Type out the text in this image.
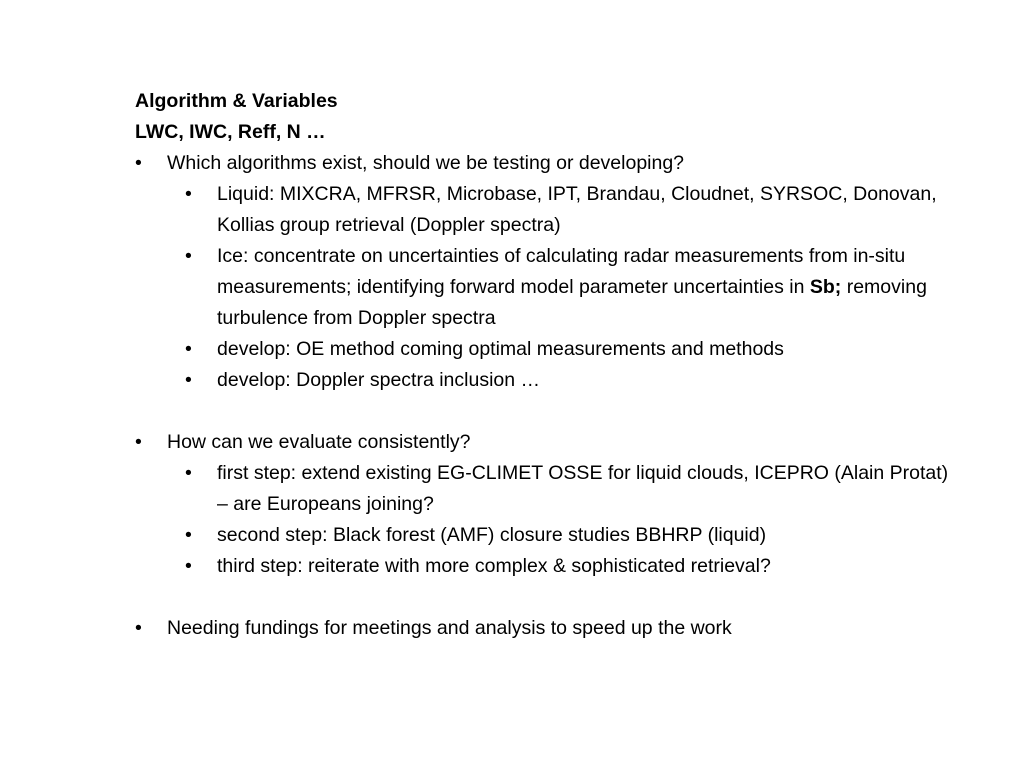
Algorithm & Variables

LWC, IWC, Reff, N …

• Which algorithms exist, should we be testing or developing?
• Liquid: MIXCRA, MFRSR, Microbase, IPT, Brandau, Cloudnet, SYRSOC, Donovan, Kollias group retrieval (Doppler spectra)
• Ice: concentrate on uncertainties of calculating radar measurements from in-situ measurements; identifying forward model parameter uncertainties in Sb; removing turbulence from Doppler spectra
• develop: OE method coming optimal measurements and methods
• develop: Doppler spectra inclusion …
• How can we evaluate consistently?
• first step: extend existing EG-CLIMET OSSE for liquid clouds, ICEPRO (Alain Protat) – are Europeans joining?
• second step: Black forest (AMF) closure studies BBHRP (liquid)
• third step: reiterate with more complex & sophisticated retrieval?
• Needing fundings for meetings and analysis to speed up the work
